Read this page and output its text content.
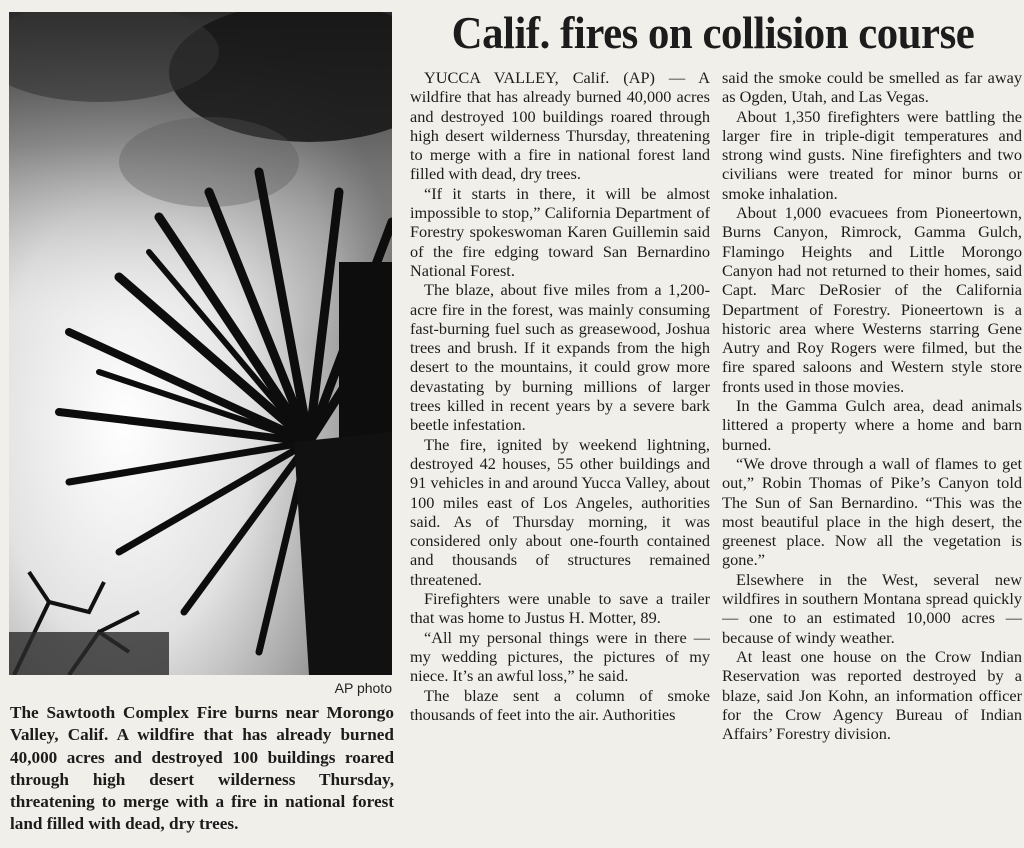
AP photo
The Sawtooth Complex Fire burns near Morongo Valley, Calif. A wildfire that has already burned 40,000 acres and destroyed 100 buildings roared through high desert wilderness Thursday, threatening to merge with a fire in national forest land filled with dead, dry trees.
Calif. fires on collision course

YUCCA VALLEY, Calif. (AP) — A wildfire that has already burned 40,000 acres and destroyed 100 buildings roared through high desert wilderness Thursday, threatening to merge with a fire in national forest land filled with dead, dry trees.

“If it starts in there, it will be almost impossible to stop,” California Department of Forestry spokeswoman Karen Guillemin said of the fire edging toward San Bernardino National Forest.

The blaze, about five miles from a 1,200-acre fire in the forest, was mainly consuming fast-burning fuel such as greasewood, Joshua trees and brush. If it expands from the high desert to the mountains, it could grow more devastating by burning millions of larger trees killed in recent years by a severe bark beetle infestation.

The fire, ignited by weekend lightning, destroyed 42 houses, 55 other buildings and 91 vehicles in and around Yucca Valley, about 100 miles east of Los Angeles, authorities said. As of Thursday morning, it was considered only about one-fourth contained and thousands of structures remained threatened.

Firefighters were unable to save a trailer that was home to Justus H. Motter, 89.

“All my personal things were in there — my wedding pictures, the pictures of my niece. It’s an awful loss,” he said.

The blaze sent a column of smoke thousands of feet into the air. Authorities

said the smoke could be smelled as far away as Ogden, Utah, and Las Vegas.

About 1,350 firefighters were battling the larger fire in triple-digit temperatures and strong wind gusts. Nine firefighters and two civilians were treated for minor burns or smoke inhalation.

About 1,000 evacuees from Pioneertown, Burns Canyon, Rimrock, Gamma Gulch, Flamingo Heights and Little Morongo Canyon had not returned to their homes, said Capt. Marc DeRosier of the California Department of Forestry. Pioneertown is a historic area where Westerns starring Gene Autry and Roy Rogers were filmed, but the fire spared saloons and Western style store fronts used in those movies.

In the Gamma Gulch area, dead animals littered a property where a home and barn burned.

“We drove through a wall of flames to get out,” Robin Thomas of Pike’s Canyon told The Sun of San Bernardino. “This was the most beautiful place in the high desert, the greenest place. Now all the vegetation is gone.”

Elsewhere in the West, several new wildfires in southern Montana spread quickly — one to an estimated 10,000 acres — because of windy weather.

At least one house on the Crow Indian Reservation was reported destroyed by a blaze, said Jon Kohn, an information officer for the Crow Agency Bureau of Indian Affairs’ Forestry division.
